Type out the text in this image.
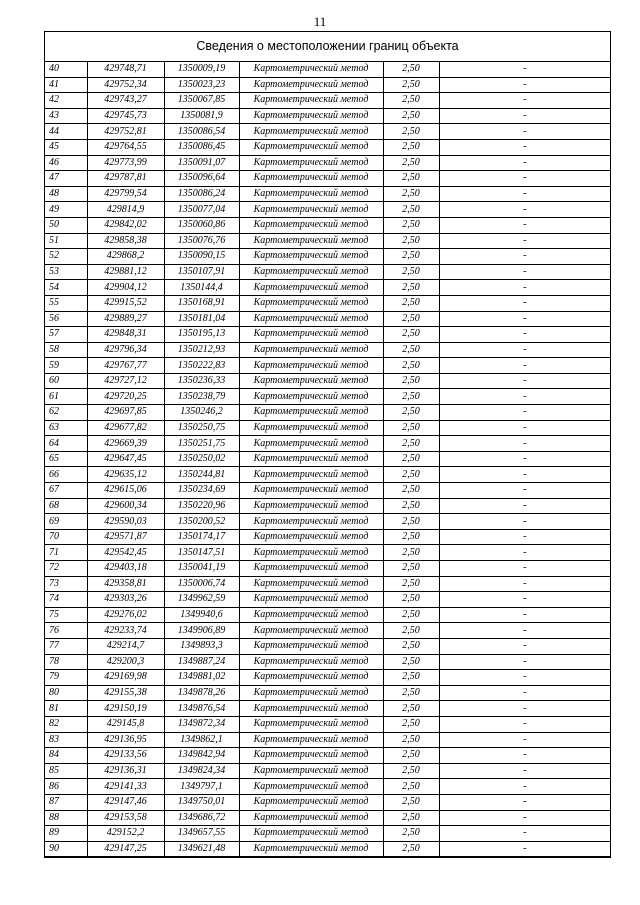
11
Сведения о местоположении границ объекта
40	429748,71	1350009,19	Картометрический метод	2,50	-
41	429752,34	1350023,23	Картометрический метод	2,50	-
42	429743,27	1350067,85	Картометрический метод	2,50	-
43	429745,73	1350081,9	Картометрический метод	2,50	-
44	429752,81	1350086,54	Картометрический метод	2,50	-
45	429764,55	1350086,45	Картометрический метод	2,50	-
46	429773,99	1350091,07	Картометрический метод	2,50	-
47	429787,81	1350096,64	Картометрический метод	2,50	-
48	429799,54	1350086,24	Картометрический метод	2,50	-
49	429814,9	1350077,04	Картометрический метод	2,50	-
50	429842,02	1350060,86	Картометрический метод	2,50	-
51	429858,38	1350076,76	Картометрический метод	2,50	-
52	429868,2	1350090,15	Картометрический метод	2,50	-
53	429881,12	1350107,91	Картометрический метод	2,50	-
54	429904,12	1350144,4	Картометрический метод	2,50	-
55	429915,52	1350168,91	Картометрический метод	2,50	-
56	429889,27	1350181,04	Картометрический метод	2,50	-
57	429848,31	1350195,13	Картометрический метод	2,50	-
58	429796,34	1350212,93	Картометрический метод	2,50	-
59	429767,77	1350222,83	Картометрический метод	2,50	-
60	429727,12	1350236,33	Картометрический метод	2,50	-
61	429720,25	1350238,79	Картометрический метод	2,50	-
62	429697,85	1350246,2	Картометрический метод	2,50	-
63	429677,82	1350250,75	Картометрический метод	2,50	-
64	429669,39	1350251,75	Картометрический метод	2,50	-
65	429647,45	1350250,02	Картометрический метод	2,50	-
66	429635,12	1350244,81	Картометрический метод	2,50	-
67	429615,06	1350234,69	Картометрический метод	2,50	-
68	429600,34	1350220,96	Картометрический метод	2,50	-
69	429590,03	1350200,52	Картометрический метод	2,50	-
70	429571,87	1350174,17	Картометрический метод	2,50	-
71	429542,45	1350147,51	Картометрический метод	2,50	-
72	429403,18	1350041,19	Картометрический метод	2,50	-
73	429358,81	1350006,74	Картометрический метод	2,50	-
74	429303,26	1349962,59	Картометрический метод	2,50	-
75	429276,02	1349940,6	Картометрический метод	2,50	-
76	429233,74	1349906,89	Картометрический метод	2,50	-
77	429214,7	1349893,3	Картометрический метод	2,50	-
78	429200,3	1349887,24	Картометрический метод	2,50	-
79	429169,98	1349881,02	Картометрический метод	2,50	-
80	429155,38	1349878,26	Картометрический метод	2,50	-
81	429150,19	1349876,54	Картометрический метод	2,50	-
82	429145,8	1349872,34	Картометрический метод	2,50	-
83	429136,95	1349862,1	Картометрический метод	2,50	-
84	429133,56	1349842,94	Картометрический метод	2,50	-
85	429136,31	1349824,34	Картометрический метод	2,50	-
86	429141,33	1349797,1	Картометрический метод	2,50	-
87	429147,46	1349750,01	Картометрический метод	2,50	-
88	429153,58	1349686,72	Картометрический метод	2,50	-
89	429152,2	1349657,55	Картометрический метод	2,50	-
90	429147,25	1349621,48	Картометрический метод	2,50	-
